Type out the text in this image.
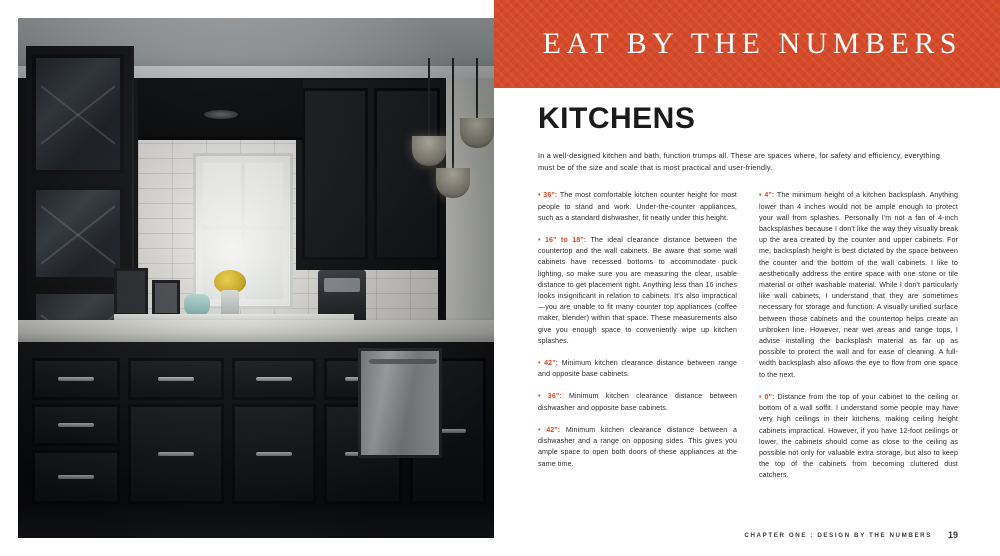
EAT BY THE NUMBERS
KITCHENS
In a well-designed kitchen and bath, function trumps all. These are spaces where, for safety and efficiency, everything must be of the size and scale that is most practical and user-friendly.
• 36": The most comfortable kitchen counter height for most people to stand and work. Under-the-counter appliances, such as a standard dishwasher, fit neatly under this height.
• 16" to 18": The ideal clearance distance between the countertop and the wall cabinets. Be aware that some wall cabinets have recessed bottoms to accommodate puck lighting, so make sure you are measuring the clear, usable distance to get placement right. Anything less than 16 inches looks insignificant in relation to cabinets. It's also impractical—you are unable to fit many counter top appliances (coffee maker, blender) within that space. These measurements also give you enough space to conveniently wipe up kitchen splashes.
• 42": Minimum kitchen clearance distance between range and opposite base cabinets.
• 36": Minimum kitchen clearance distance between dishwasher and opposite base cabinets.
• 42": Minimum kitchen clearance distance between a dishwasher and a range on opposing sides. This gives you ample space to open both doors of these appliances at the same time.
• 4": The minimum height of a kitchen backsplash. Anything lower than 4 inches would not be ample enough to protect your wall from splashes. Personally I'm not a fan of 4-inch backsplashes because I don't like the way they visually break up the area created by the counter and upper cabinets. For me, backsplash height is best dictated by the space between the counter and the bottom of the wall cabinets. I like to aesthetically address the entire space with one stone or tile material or other washable material. While I don't particularly like wall cabinets, I understand that they are sometimes necessary for storage and function. A visually unified surface between those cabinets and the countertop helps create an unbroken line. However, near wet areas and range tops, I advise installing the backsplash material as far up as possible to protect the wall and for ease of cleaning. A full-width backsplash also allows the eye to flow from one space to the next.
• 0": Distance from the top of your cabinet to the ceiling or bottom of a wall soffit. I understand some people may have very high ceilings in their kitchens, making ceiling height cabinets impractical. However, if you have 12-foot ceilings or lower, the cabinets should come as close to the ceiling as possible not only for valuable extra storage, but also to keep the top of the cabinets from becoming cluttered dust catchers.
CHAPTER ONE : DESIGN BY THE NUMBERS 19
